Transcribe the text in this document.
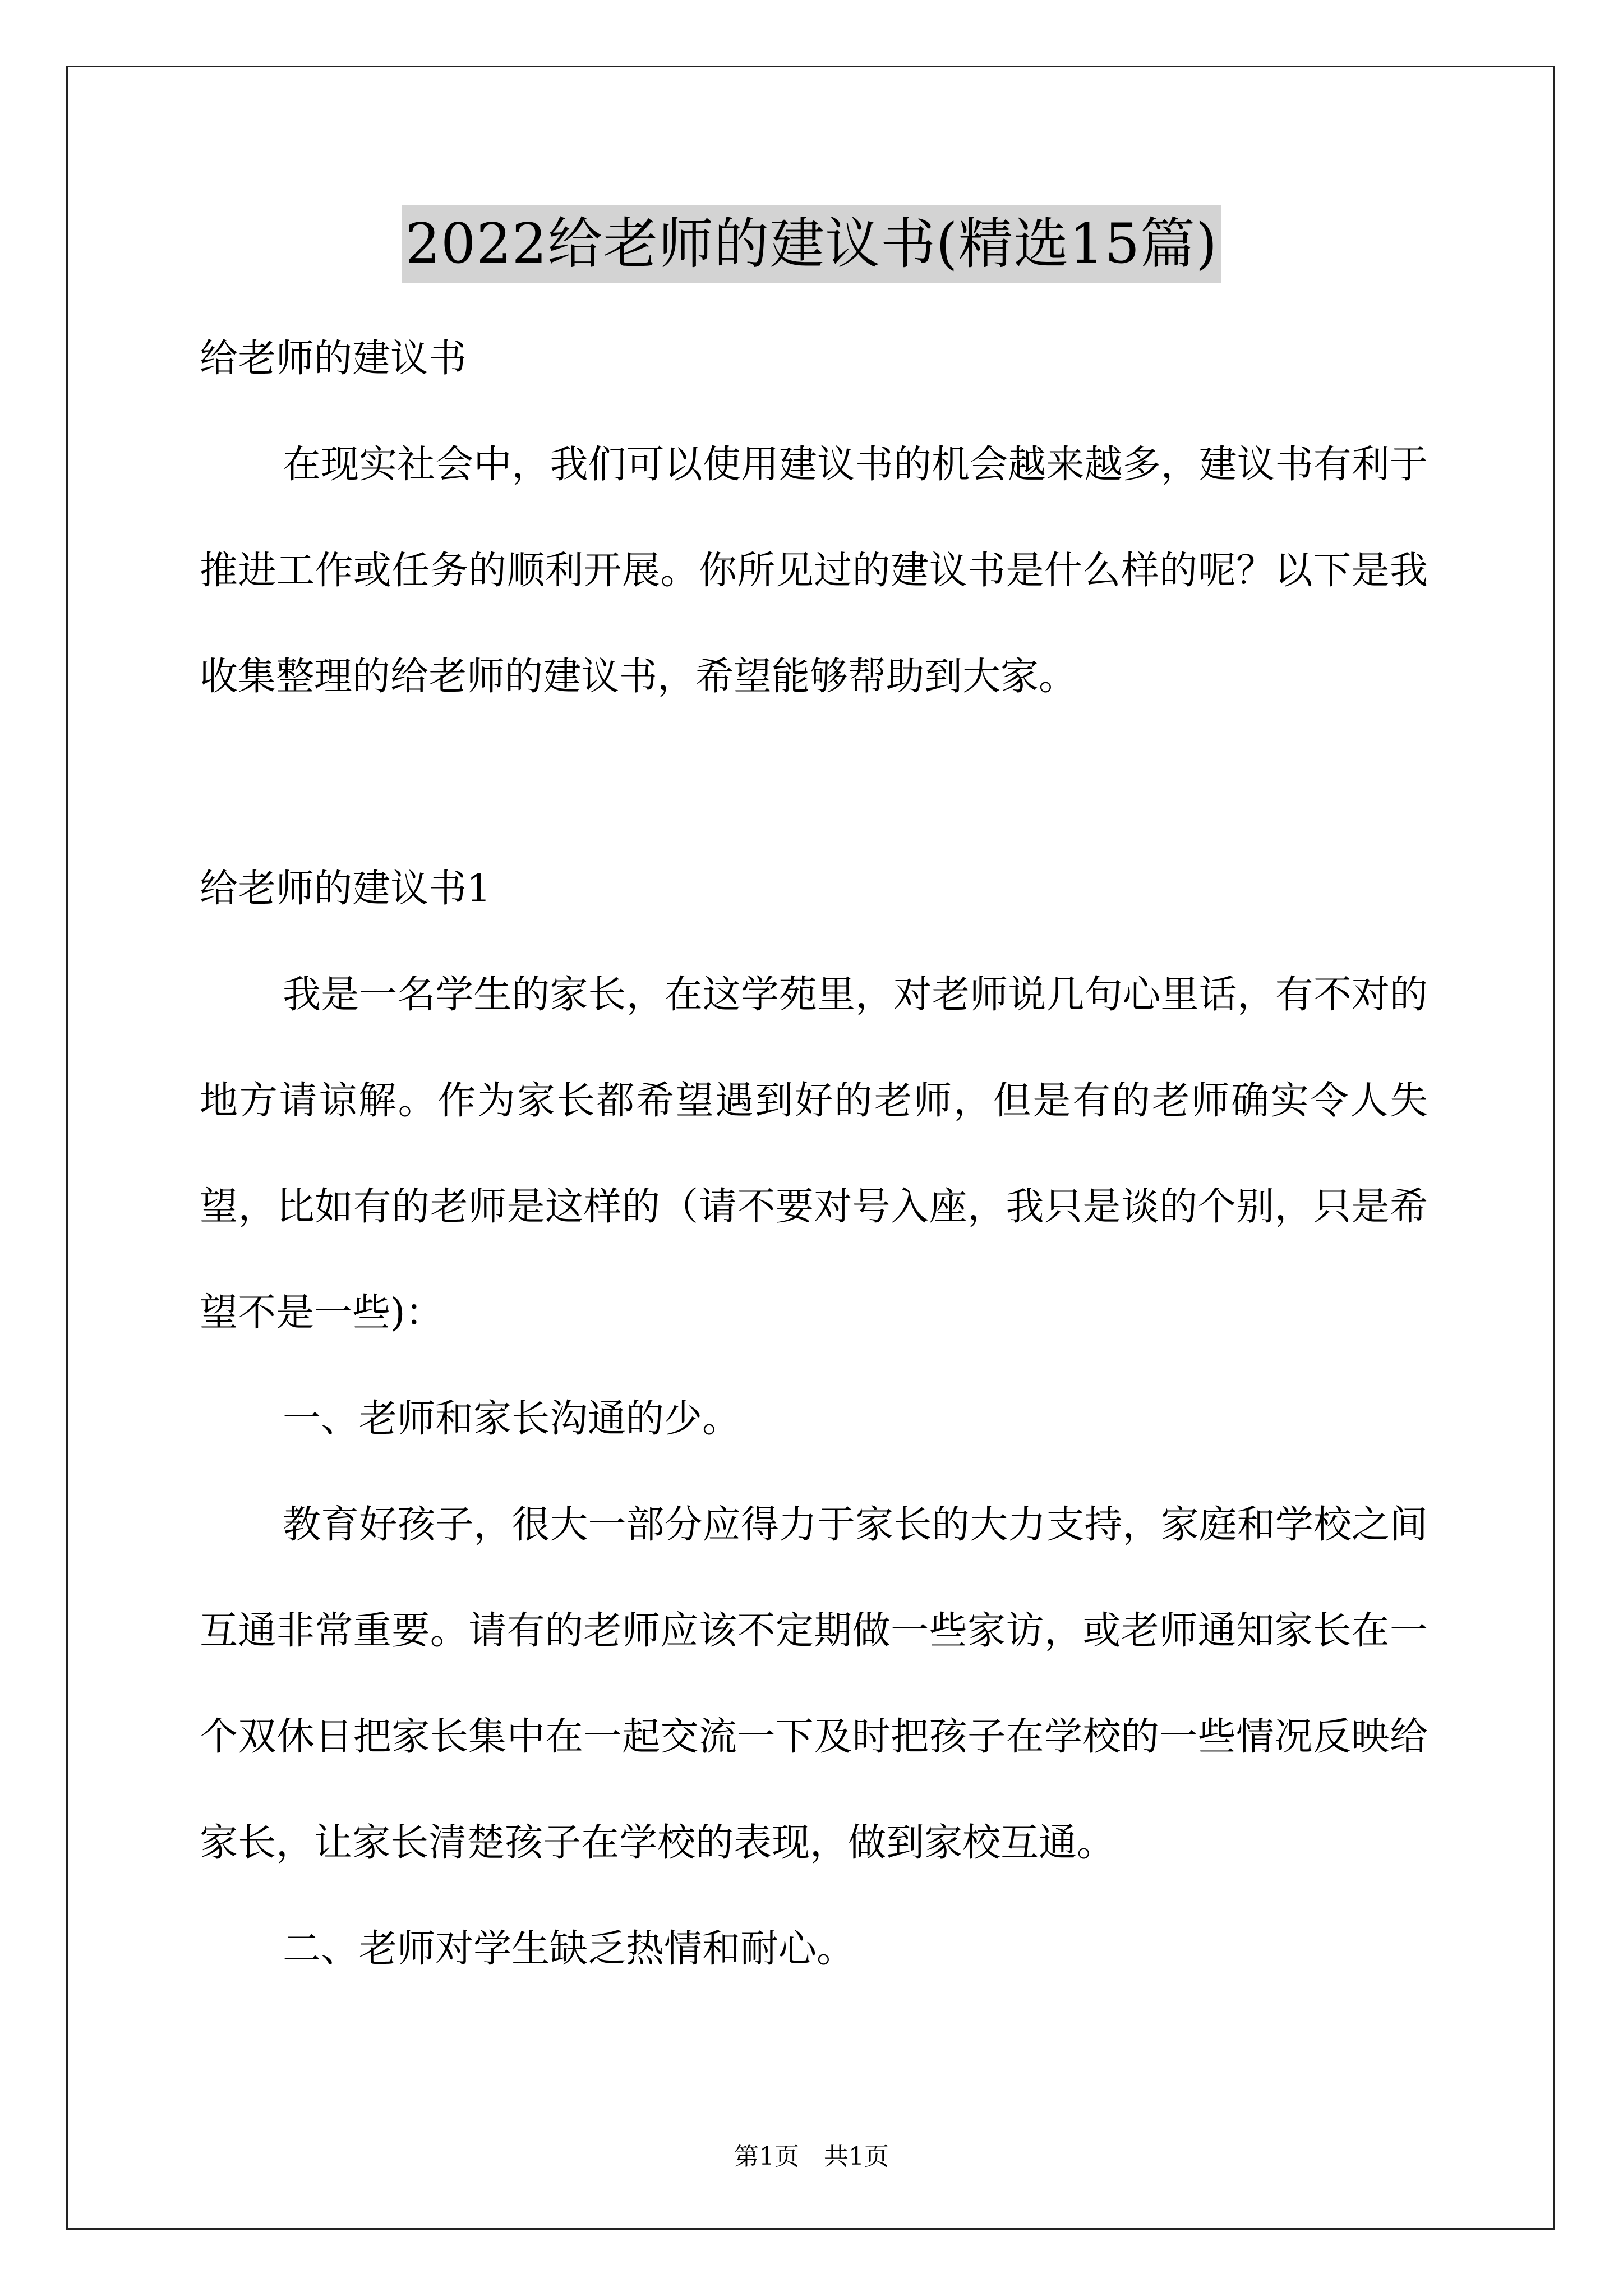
2022给老师的建议书(精选15篇)

给老师的建议书

在现实社会中，我们可以使用建议书的机会越来越多，建议书有利于推进工作或任务的顺利开展。你所见过的建议书是什么样的呢？以下是我收集整理的给老师的建议书，希望能够帮助到大家。

给老师的建议书1

我是一名学生的家长，在这学苑里，对老师说几句心里话，有不对的地方请谅解。作为家长都希望遇到好的老师，但是有的老师确实令人失望，比如有的老师是这样的（请不要对号入座，我只是谈的个别，只是希望不是一些)：

一、老师和家长沟通的少。

教育好孩子，很大一部分应得力于家长的大力支持，家庭和学校之间互通非常重要。请有的老师应该不定期做一些家访，或老师通知家长在一个双休日把家长集中在一起交流一下及时把孩子在学校的一些情况反映给家长，让家长清楚孩子在学校的表现，做到家校互通。

二、老师对学生缺乏热情和耐心。

第1页　共1页
